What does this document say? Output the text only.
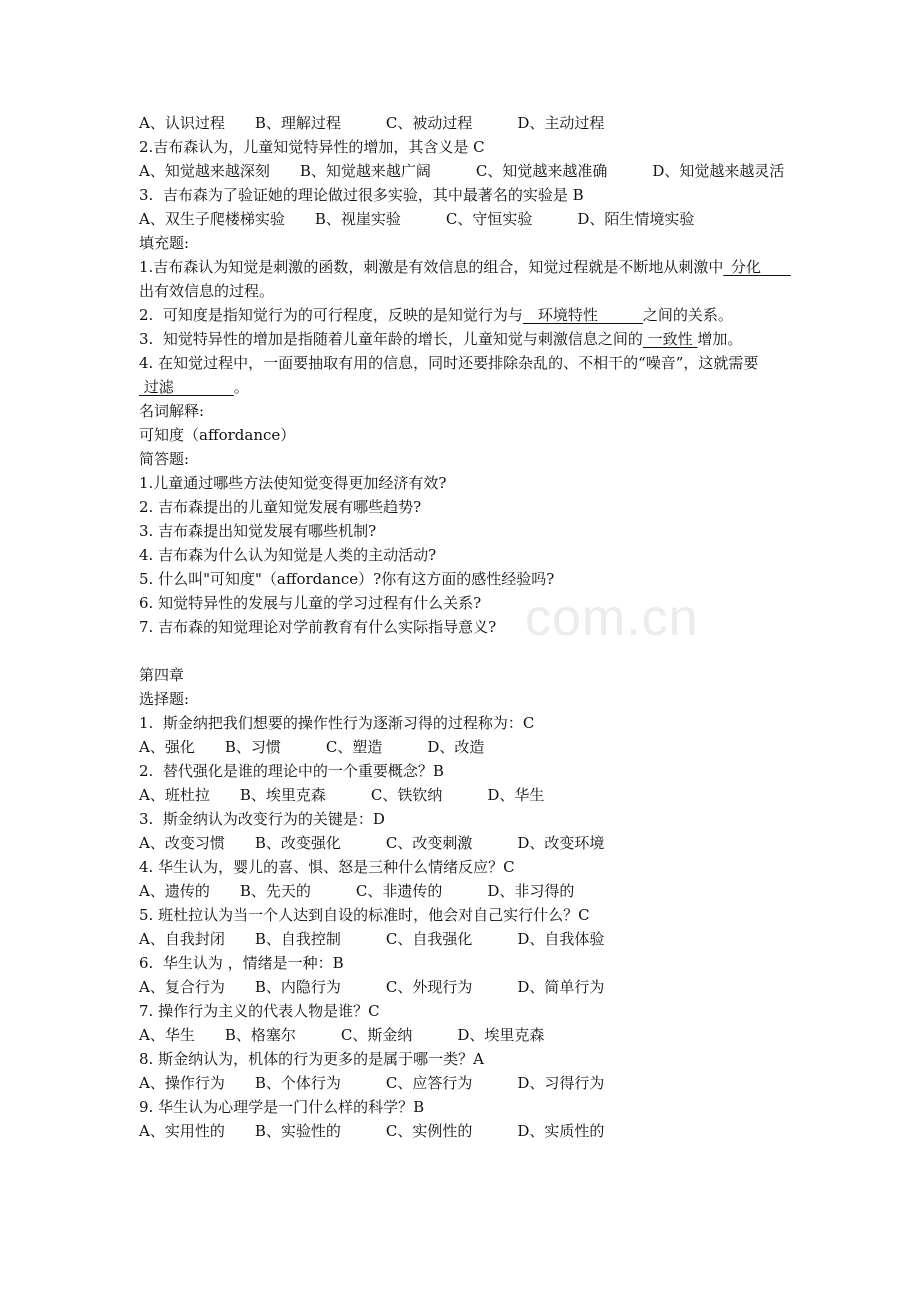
com.cn
A、认识过程　　B、理解过程　　　C、被动过程　　　D、主动过程
2.吉布森认为，儿童知觉特异性的增加，其含义是 C
A、知觉越来越深刻　　B、知觉越来越广阔　　　C、知觉越来越准确　　　D、知觉越来越灵活
3.  吉布森为了验证她的理论做过很多实验，其中最著名的实验是 B
A、双生子爬楼梯实验　　B、视崖实验　　　C、守恒实验　　　D、陌生情境实验
填充题:
1.吉布森认为知觉是刺激的函数，刺激是有效信息的组合，知觉过程就是不断地从刺激中_分化　　出有效信息的过程。
2.  可知度是指知觉行为的可行程度，反映的是知觉行为与　环境特性　　　之间的关系。
3.  知觉特异性的增加是指随着儿童年龄的增长，儿童知觉与刺激信息之间的 一致性 增加。
4. 在知觉过程中，一面要抽取有用的信息，同时还要排除杂乱的、不相干的“噪音”，这就需要 过滤　　　　。
名词解释:
可知度（affordance）
简答题:
1.儿童通过哪些方法使知觉变得更加经济有效?
2. 吉布森提出的儿童知觉发展有哪些趋势?
3. 吉布森提出知觉发展有哪些机制?
4. 吉布森为什么认为知觉是人类的主动活动?
5. 什么叫"可知度"（affordance）?你有这方面的感性经验吗?
6. 知觉特异性的发展与儿童的学习过程有什么关系?
7. 吉布森的知觉理论对学前教育有什么实际指导意义?
第四章
选择题:
1.  斯金纳把我们想要的操作性行为逐渐习得的过程称为：C
A、强化　　B、习惯　　　C、塑造　　　D、改造
2.  替代强化是谁的理论中的一个重要概念？B
A、班杜拉　　B、埃里克森　　　C、铁钦纳　　　D、华生
3.  斯金纳认为改变行为的关键是：D
A、改变习惯　　B、改变强化　　　C、改变刺激　　　D、改变环境
4. 华生认为，婴儿的喜、惧、怒是三种什么情绪反应？C
A、遗传的　　B、先天的　　　C、非遗传的　　　D、非习得的
5. 班杜拉认为当一个人达到自设的标准时，他会对自己实行什么？C
A、自我封闭　　B、自我控制　　　C、自我强化　　　D、自我体验
6.  华生认为 ，情绪是一种：B
A、复合行为　　B、内隐行为　　　C、外现行为　　　D、简单行为
7. 操作行为主义的代表人物是谁？C
A、华生　　B、格塞尔　　　C、斯金纳　　　D、埃里克森
8. 斯金纳认为，机体的行为更多的是属于哪一类？A
A、操作行为　　B、个体行为　　　C、应答行为　　　D、习得行为
9. 华生认为心理学是一门什么样的科学？B
A、实用性的　　B、实验性的　　　C、实例性的　　　D、实质性的
